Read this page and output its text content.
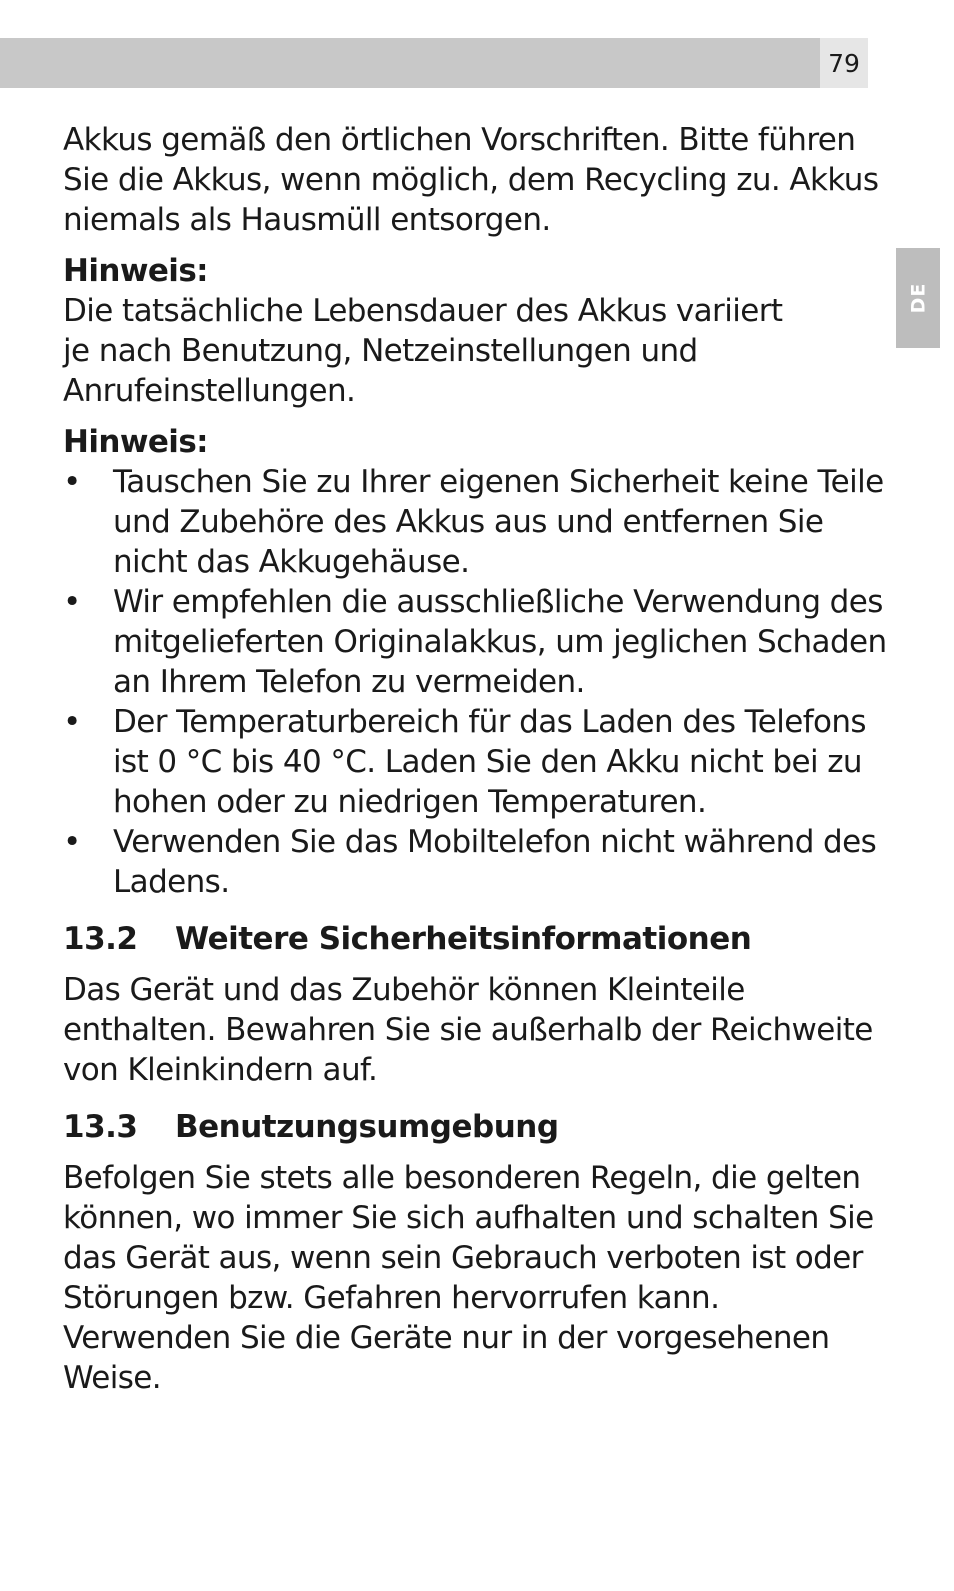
79
DE

Akkus gemäß den örtlichen Vorschriften. Bitte führen Sie die Akkus, wenn möglich, dem Recycling zu. Akkus niemals als Hausmüll entsorgen.

Hinweis:

Die tatsächliche Lebensdauer des Akkus variiert

je nach Benutzung, Netzeinstellungen und

Anrufeinstellungen.

Hinweis:

• Tauschen Sie zu Ihrer eigenen Sicherheit keine Teile und Zubehöre des Akkus aus und entfernen Sie nicht das Akkugehäuse.
• Wir empfehlen die ausschließliche Verwendung des mitgelieferten Originalakkus, um jeglichen Schaden an Ihrem Telefon zu vermeiden.
• Der Temperaturbereich für das Laden des Telefons ist 0 °C bis 40 °C. Laden Sie den Akku nicht bei zu hohen oder zu niedrigen Temperaturen.
• Verwenden Sie das Mobiltelefon nicht während des Ladens.
13.2 Weitere Sicherheitsinformationen

Das Gerät und das Zubehör können Kleinteile enthalten. Bewahren Sie sie außerhalb der Reichweite von Kleinkindern auf.

13.3 Benutzungsumgebung

Befolgen Sie stets alle besonderen Regeln, die gelten können, wo immer Sie sich aufhalten und schalten Sie das Gerät aus, wenn sein Gebrauch verboten ist oder Störungen bzw. Gefahren hervorrufen kann. Verwenden Sie die Geräte nur in der vorgesehenen Weise.
